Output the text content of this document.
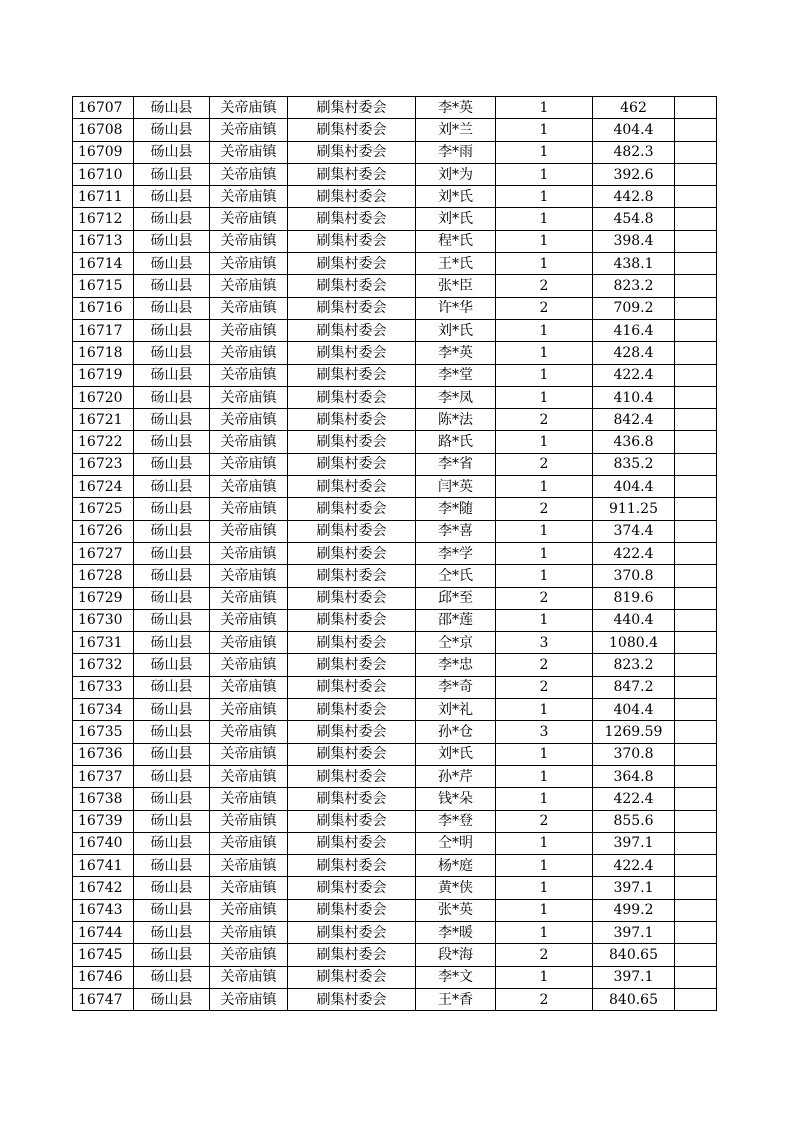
16707	砀山县	关帝庙镇	刷集村委会	李*英	1	462	
16708	砀山县	关帝庙镇	刷集村委会	刘*兰	1	404.4	
16709	砀山县	关帝庙镇	刷集村委会	李*雨	1	482.3	
16710	砀山县	关帝庙镇	刷集村委会	刘*为	1	392.6	
16711	砀山县	关帝庙镇	刷集村委会	刘*氏	1	442.8	
16712	砀山县	关帝庙镇	刷集村委会	刘*氏	1	454.8	
16713	砀山县	关帝庙镇	刷集村委会	程*氏	1	398.4	
16714	砀山县	关帝庙镇	刷集村委会	王*氏	1	438.1	
16715	砀山县	关帝庙镇	刷集村委会	张*臣	2	823.2	
16716	砀山县	关帝庙镇	刷集村委会	许*华	2	709.2	
16717	砀山县	关帝庙镇	刷集村委会	刘*氏	1	416.4	
16718	砀山县	关帝庙镇	刷集村委会	李*英	1	428.4	
16719	砀山县	关帝庙镇	刷集村委会	李*堂	1	422.4	
16720	砀山县	关帝庙镇	刷集村委会	李*凤	1	410.4	
16721	砀山县	关帝庙镇	刷集村委会	陈*法	2	842.4	
16722	砀山县	关帝庙镇	刷集村委会	路*氏	1	436.8	
16723	砀山县	关帝庙镇	刷集村委会	李*省	2	835.2	
16724	砀山县	关帝庙镇	刷集村委会	闫*英	1	404.4	
16725	砀山县	关帝庙镇	刷集村委会	李*随	2	911.25	
16726	砀山县	关帝庙镇	刷集村委会	李*喜	1	374.4	
16727	砀山县	关帝庙镇	刷集村委会	李*学	1	422.4	
16728	砀山县	关帝庙镇	刷集村委会	仝*氏	1	370.8	
16729	砀山县	关帝庙镇	刷集村委会	邱*至	2	819.6	
16730	砀山县	关帝庙镇	刷集村委会	邵*莲	1	440.4	
16731	砀山县	关帝庙镇	刷集村委会	仝*京	3	1080.4	
16732	砀山县	关帝庙镇	刷集村委会	李*忠	2	823.2	
16733	砀山县	关帝庙镇	刷集村委会	李*奇	2	847.2	
16734	砀山县	关帝庙镇	刷集村委会	刘*礼	1	404.4	
16735	砀山县	关帝庙镇	刷集村委会	孙*仓	3	1269.59	
16736	砀山县	关帝庙镇	刷集村委会	刘*氏	1	370.8	
16737	砀山县	关帝庙镇	刷集村委会	孙*芹	1	364.8	
16738	砀山县	关帝庙镇	刷集村委会	钱*朵	1	422.4	
16739	砀山县	关帝庙镇	刷集村委会	李*登	2	855.6	
16740	砀山县	关帝庙镇	刷集村委会	仝*明	1	397.1	
16741	砀山县	关帝庙镇	刷集村委会	杨*庭	1	422.4	
16742	砀山县	关帝庙镇	刷集村委会	黄*侠	1	397.1	
16743	砀山县	关帝庙镇	刷集村委会	张*英	1	499.2	
16744	砀山县	关帝庙镇	刷集村委会	李*暖	1	397.1	
16745	砀山县	关帝庙镇	刷集村委会	段*海	2	840.65	
16746	砀山县	关帝庙镇	刷集村委会	李*文	1	397.1	
16747	砀山县	关帝庙镇	刷集村委会	王*香	2	840.65	
